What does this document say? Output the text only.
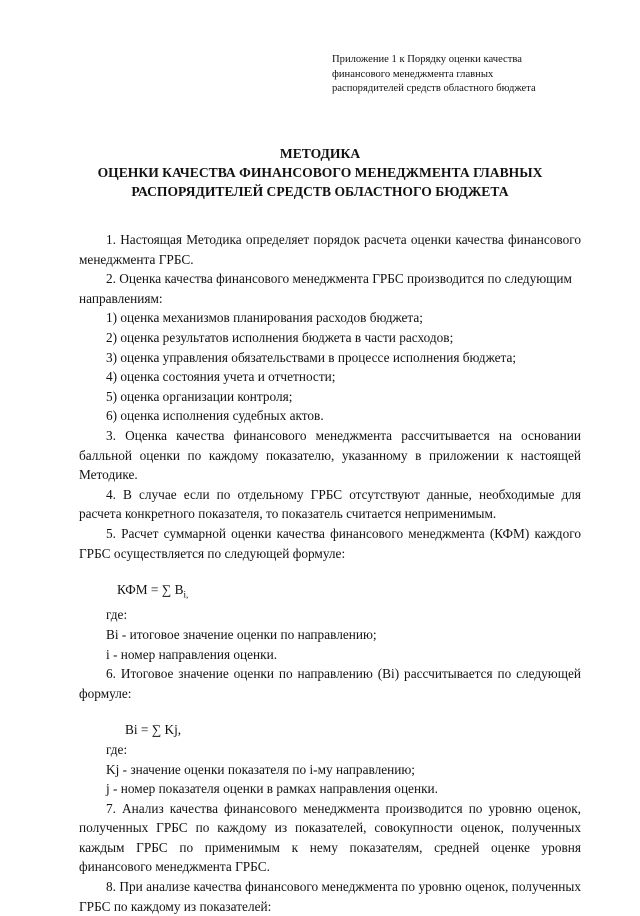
Приложение 1 к Порядку оценки качества
финансового менеджмента главных
распорядителей средств областного бюджета
МЕТОДИКА
ОЦЕНКИ КАЧЕСТВА ФИНАНСОВОГО МЕНЕДЖМЕНТА ГЛАВНЫХ
РАСПОРЯДИТЕЛЕЙ СРЕДСТВ ОБЛАСТНОГО БЮДЖЕТА

1. Настоящая Методика определяет порядок расчета оценки качества финансового менеджмента ГРБС.

2. Оценка качества финансового менеджмента ГРБС производится по следующим направлениям:

1) оценка механизмов планирования расходов бюджета;

2) оценка результатов исполнения бюджета в части расходов;

3) оценка управления обязательствами в процессе исполнения бюджета;

4) оценка состояния учета и отчетности;

5) оценка организации контроля;

6) оценка исполнения судебных актов.

3. Оценка качества финансового менеджмента рассчитывается на основании балльной оценки по каждому показателю, указанному в приложении к настоящей Методике.

4. В случае если по отдельному ГРБС отсутствуют данные, необходимые для расчета конкретного показателя, то показатель считается неприменимым.

5. Расчет суммарной оценки качества финансового менеджмента (КФМ) каждого ГРБС осуществляется по следующей формуле:

КФМ = ∑ $B_{i,}$

где:

Bi - итоговое значение оценки по направлению;

i - номер направления оценки.

6. Итоговое значение оценки по направлению (Bi) рассчитывается по следующей формуле:

Bi = ∑ Kj,

где:

Kj - значение оценки показателя по i-му направлению;

j - номер показателя оценки в рамках направления оценки.

7. Анализ качества финансового менеджмента производится по уровню оценок, полученных ГРБС по каждому из показателей, совокупности оценок, полученных каждым ГРБС по применимым к нему показателям, средней оценке уровня финансового менеджмента ГРБС.

8. При анализе качества финансового менеджмента по уровню оценок, полученных ГРБС по каждому из показателей:
